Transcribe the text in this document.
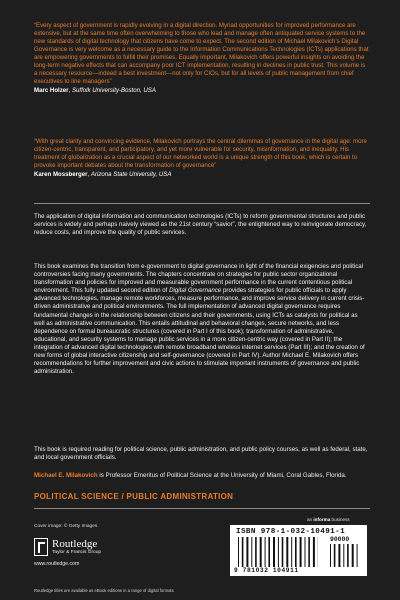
“Every aspect of government is rapidly evolving in a digital direction. Myriad opportunities for improved performance are extensive, but at the same time often overwhelming to those who lead and manage often antiquated service systems to the new standards of digital technology that citizens have come to expect. The second edition of Michael Milakovich’s Digital Governance is very welcome as a necessary guide to the Information Communications Technologies (ICTs) applications that are empowering governments to fulfill their promises. Equally important, Milakovich offers powerful insights on avoiding the long-term negative effects that can accompany poor ICT implementation, resulting in declines in public trust. This volume is a necessary resource—indeed a best investment—not only for CIOs, but for all levels of public management from chief executives to line managers”
Marc Holzer, Suffolk University-Boston, USA
“With great clarity and convincing evidence, Milakovich portrays the central dilemmas of governance in the digital age: more citizen-centric, transparent, and participatory, and yet more vulnerable for security, misinformation, and inequality. His treatment of globalization as a crucial aspect of our networked world is a unique strength of this book, which is certain to provoke important debates about the transformation of governance”
Karen Mossberger, Arizona State University, USA
The application of digital information and communication technologies (ICTs) to reform governmental structures and public services is widely and perhaps naively viewed as the 21st century “savior”, the enlightened way to reinvigorate democracy, reduce costs, and improve the quality of public services.
This book examines the transition from e-government to digital governance in light of the financial exigencies and political controversies facing many governments. The chapters concentrate on strategies for public sector organizational transformation and policies for improved and measurable government performance in the current contentious political environment. This fully updated second edition of Digital Governance provides strategies for public officials to apply advanced technologies, manage remote workforces, measure performance, and improve service delivery in current crisis-driven administrative and political environments. The full implementation of advanced digital governance requires fundamental changes in the relationship between citizens and their governments, using ICTs as catalysts for political as well as administrative communication. This entails attitudinal and behavioral changes, secure networks, and less dependence on formal bureaucratic structures (covered in Part I of this book); transformation of administrative, educational, and security systems to manage public services in a more citizen-centric way (covered in Part II); the integration of advanced digital technologies with remote broadband wireless internet services (Part III); and the creation of new forms of global interactive citizenship and self-governance (covered in Part IV). Author Michael E. Milakovich offers recommendations for further improvement and civic actions to stimulate important instruments of governance and public administration.
This book is required reading for political science, public administration, and public policy courses, as well as federal, state, and local government officials.
Michael E. Milakovich is Professor Emeritus of Political Science at the University of Miami, Coral Gables, Florida.
POLITICAL SCIENCE / PUBLIC ADMINISTRATION
Cover image: © Getty Images
Routledge
Taylor & Francis Group
www.routledge.com
Routledge titles are available as eBook editions in a range of digital formats
an informa business
ISBN 978-1-032-10491-1
90000
9 781032 104911
